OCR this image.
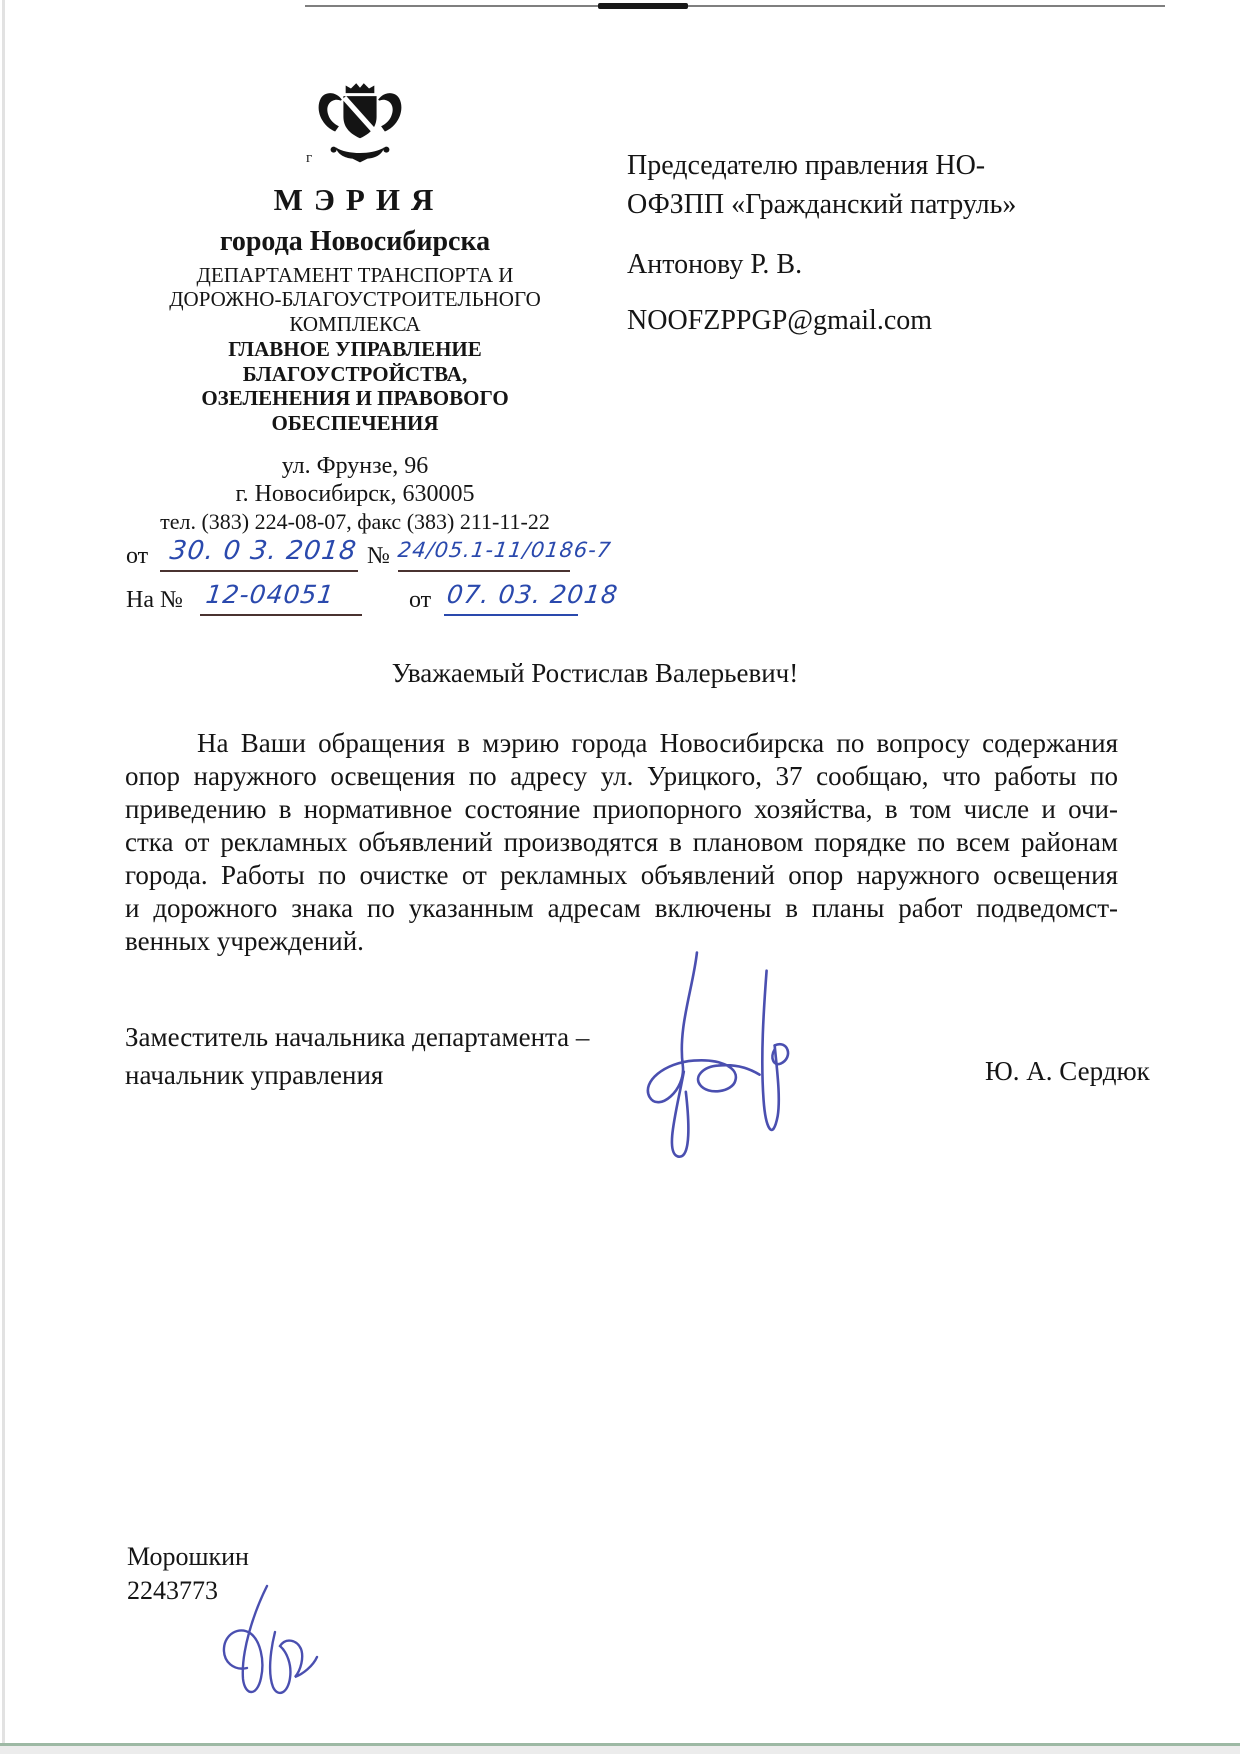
г
МЭРИЯ
города Новосибирска
ДЕПАРТАМЕНТ ТРАНСПОРТА И
ДОРОЖНО-БЛАГОУСТРОИТЕЛЬНОГО
КОМПЛЕКСА
ГЛАВНОЕ УПРАВЛЕНИЕ
БЛАГОУСТРОЙСТВА,
ОЗЕЛЕНЕНИЯ И ПРАВОВОГО
ОБЕСПЕЧЕНИЯ
ул. Фрунзе, 96
г. Новосибирск, 630005
тел. (383) 224-08-07, факс (383) 211-11-22
от 30. 0 3. 2018 № 24/05.1-11/0186-7
На № 12-04051	от 07. 03. 2018
Председателю правления НО-
ОФЗПП «Гражданский патруль»
Антонову Р. В.
NOOFZPPGP@gmail.com
Уважаемый Ростислав Валерьевич!
На Ваши обращения в мэрию города Новосибирска по вопросу содержания
опор наружного освещения по адресу ул. Урицкого, 37 сообщаю, что работы по
приведению в нормативное состояние приопорного хозяйства, в том числе и очи-
стка от рекламных объявлений производятся в плановом порядке по всем районам
города. Работы по очистке от рекламных объявлений опор наружного освещения
и дорожного знака по указанным адресам включены в планы работ подведомст-
венных учреждений.
Заместитель начальника департамента –
начальник управления	Ю. А. Сердюк
Морошкин
2243773
